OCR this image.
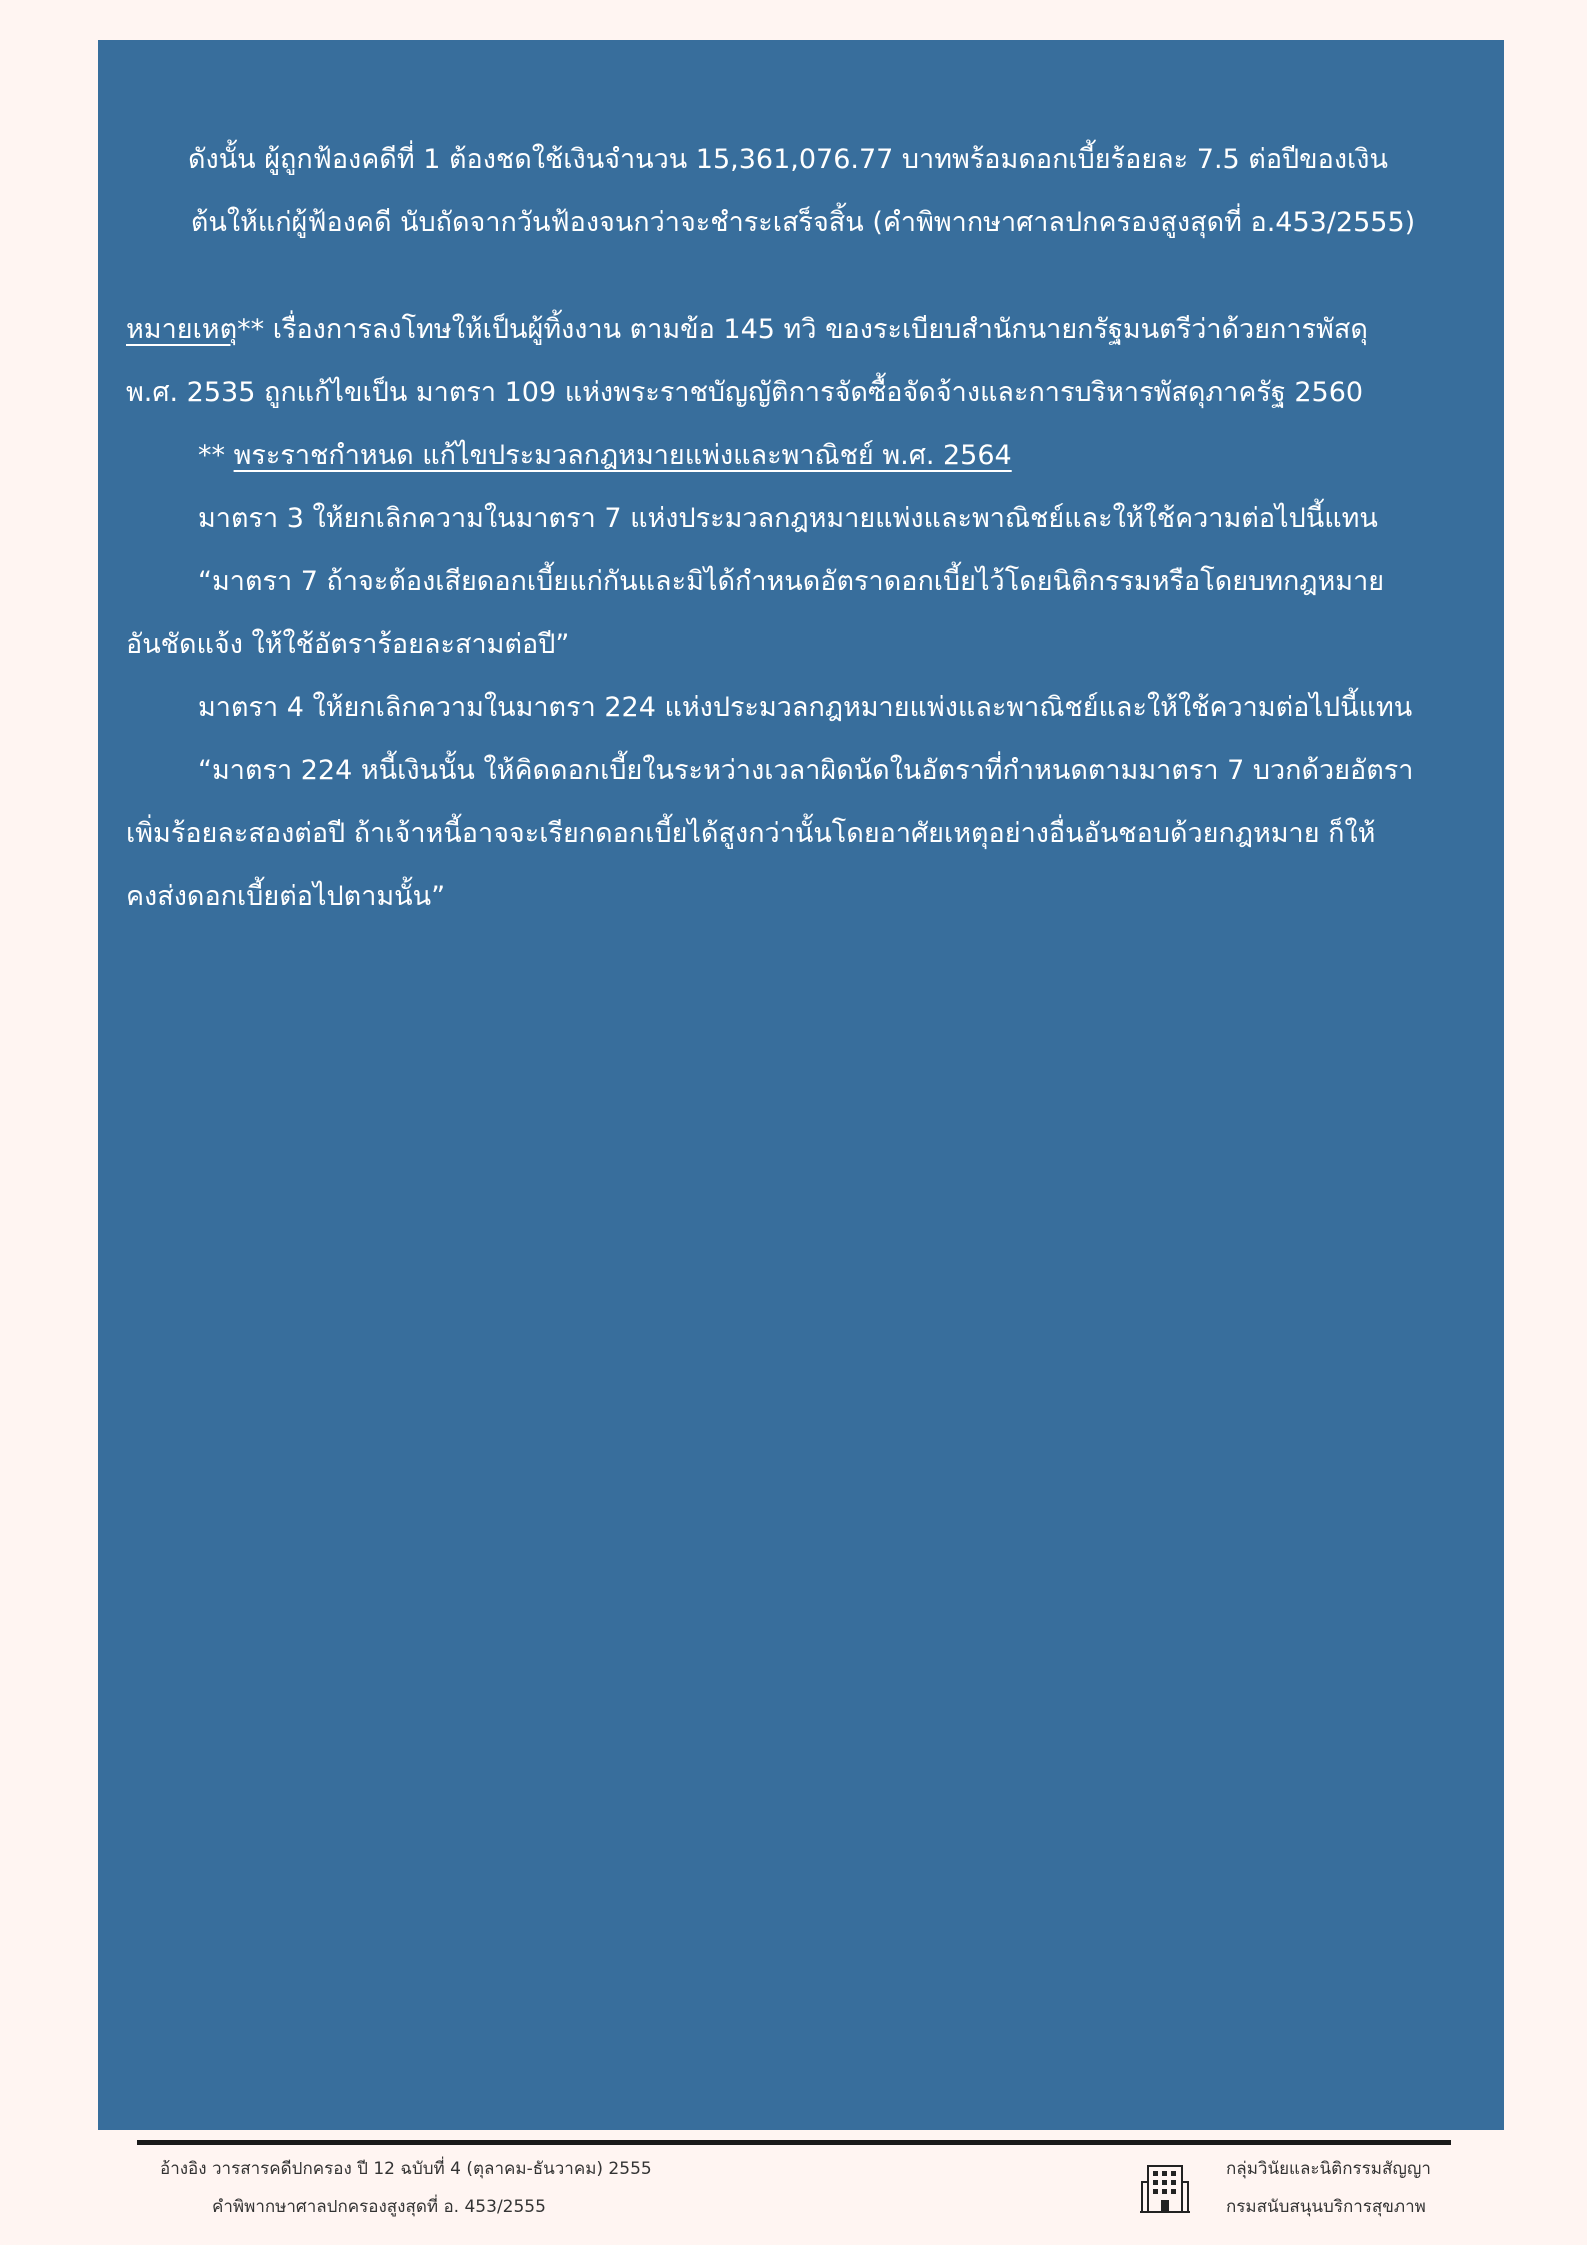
ดังนั้น ผู้ถูกฟ้องคดีที่ 1 ต้องชดใช้เงินจำนวน 15,361,076.77 บาทพร้อมดอกเบี้ยร้อยละ 7.5 ต่อปีของเงิน

ต้นให้แก่ผู้ฟ้องคดี นับถัดจากวันฟ้องจนกว่าจะชำระเสร็จสิ้น (คำพิพากษาศาลปกครองสูงสุดที่ อ.453/2555)

หมายเหตุ** เรื่องการลงโทษให้เป็นผู้ทิ้งงาน ตามข้อ 145 ทวิ ของระเบียบสำนักนายกรัฐมนตรีว่าด้วยการพัสดุ

พ.ศ. 2535 ถูกแก้ไขเป็น มาตรา 109 แห่งพระราชบัญญัติการจัดซื้อจัดจ้างและการบริหารพัสดุภาครัฐ 2560

** พระราชกำหนด แก้ไขประมวลกฎหมายแพ่งและพาณิชย์ พ.ศ. 2564

มาตรา 3 ให้ยกเลิกความในมาตรา 7 แห่งประมวลกฎหมายแพ่งและพาณิชย์และให้ใช้ความต่อไปนี้แทน

“มาตรา 7 ถ้าจะต้องเสียดอกเบี้ยแก่กันและมิได้กำหนดอัตราดอกเบี้ยไว้โดยนิติกรรมหรือโดยบทกฎหมาย

อันชัดแจ้ง ให้ใช้อัตราร้อยละสามต่อปี”

มาตรา 4 ให้ยกเลิกความในมาตรา 224 แห่งประมวลกฎหมายแพ่งและพาณิชย์และให้ใช้ความต่อไปนี้แทน

“มาตรา 224 หนี้เงินนั้น ให้คิดดอกเบี้ยในระหว่างเวลาผิดนัดในอัตราที่กำหนดตามมาตรา 7 บวกด้วยอัตรา

เพิ่มร้อยละสองต่อปี ถ้าเจ้าหนี้อาจจะเรียกดอกเบี้ยได้สูงกว่านั้นโดยอาศัยเหตุอย่างอื่นอันชอบด้วยกฎหมาย ก็ให้

คงส่งดอกเบี้ยต่อไปตามนั้น”

อ้างอิง วารสารคดีปกครอง ปี 12 ฉบับที่ 4 (ตุลาคม-ธันวาคม) 2555
คำพิพากษาศาลปกครองสูงสุดที่ อ. 453/2555
กลุ่มวินัยและนิติกรรมสัญญา
กรมสนับสนุนบริการสุขภาพ
